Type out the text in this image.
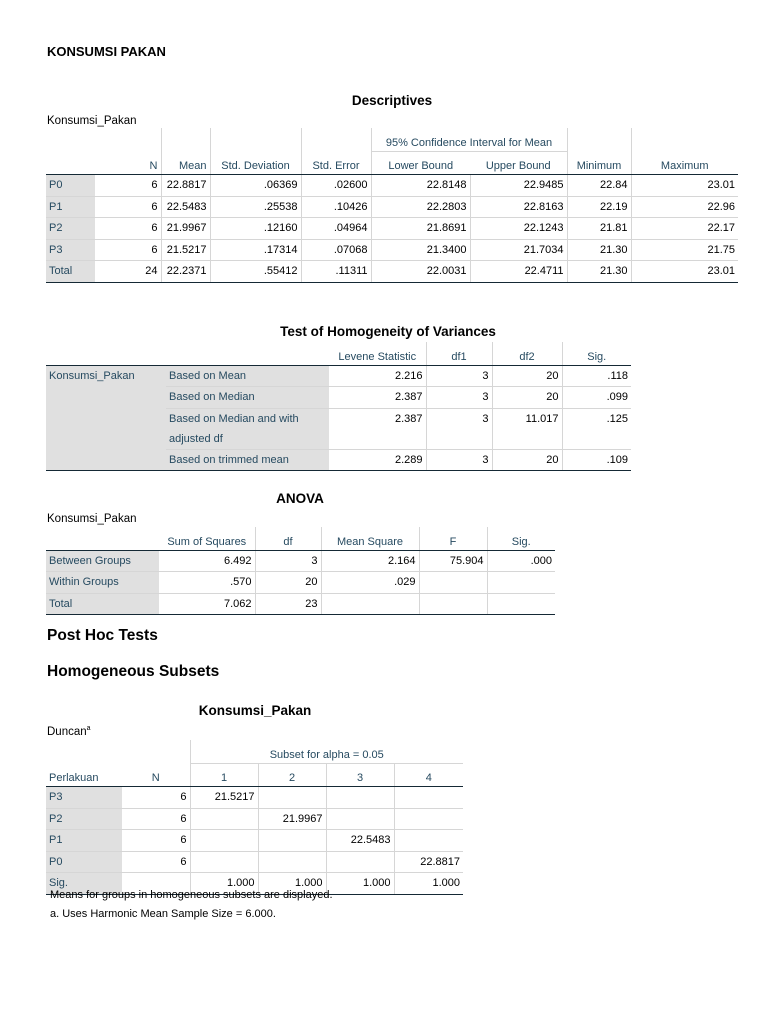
KONSUMSI PAKAN
Descriptives
Konsumsi_Pakan
					95% Confidence Interval for Mean			
	N	Mean	Std. Deviation	Std. Error	Lower Bound	Upper Bound	Minimum	Maximum
P0	6	22.8817	.06369	.02600	22.8148	22.9485	22.84	23.01
P1	6	22.5483	.25538	.10426	22.2803	22.8163	22.19	22.96
P2	6	21.9967	.12160	.04964	21.8691	22.1243	21.81	22.17
P3	6	21.5217	.17314	.07068	21.3400	21.7034	21.30	21.75
Total	24	22.2371	.55412	.11311	22.0031	22.4711	21.30	23.01
Test of Homogeneity of Variances
		Levene Statistic	df1	df2	Sig.
Konsumsi_Pakan	Based on Mean	2.216	3	20	.118
	Based on Median	2.387	3	20	.099

	Based on Median and with
adjusted df	2.387	3	11.017	.125
	Based on trimmed mean	2.289	3	20	.109
ANOVA
Konsumsi_Pakan
	Sum of Squares	df	Mean Square	F	Sig.
Between Groups	6.492	3	2.164	75.904	.000
Within Groups	.570	20	.029		
Total	7.062	23			
Post Hoc Tests
Homogeneous Subsets
Konsumsi_Pakan
Duncan$^a$
		Subset for alpha = 0.05			
Perlakuan	N	1	2	3	4
P3	6	21.5217			
P2	6		21.9967		
P1	6			22.5483	
P0	6				22.8817
Sig.		1.000	1.000	1.000	1.000
Means for groups in homogeneous subsets are displayed.
a. Uses Harmonic Mean Sample Size = 6.000.
